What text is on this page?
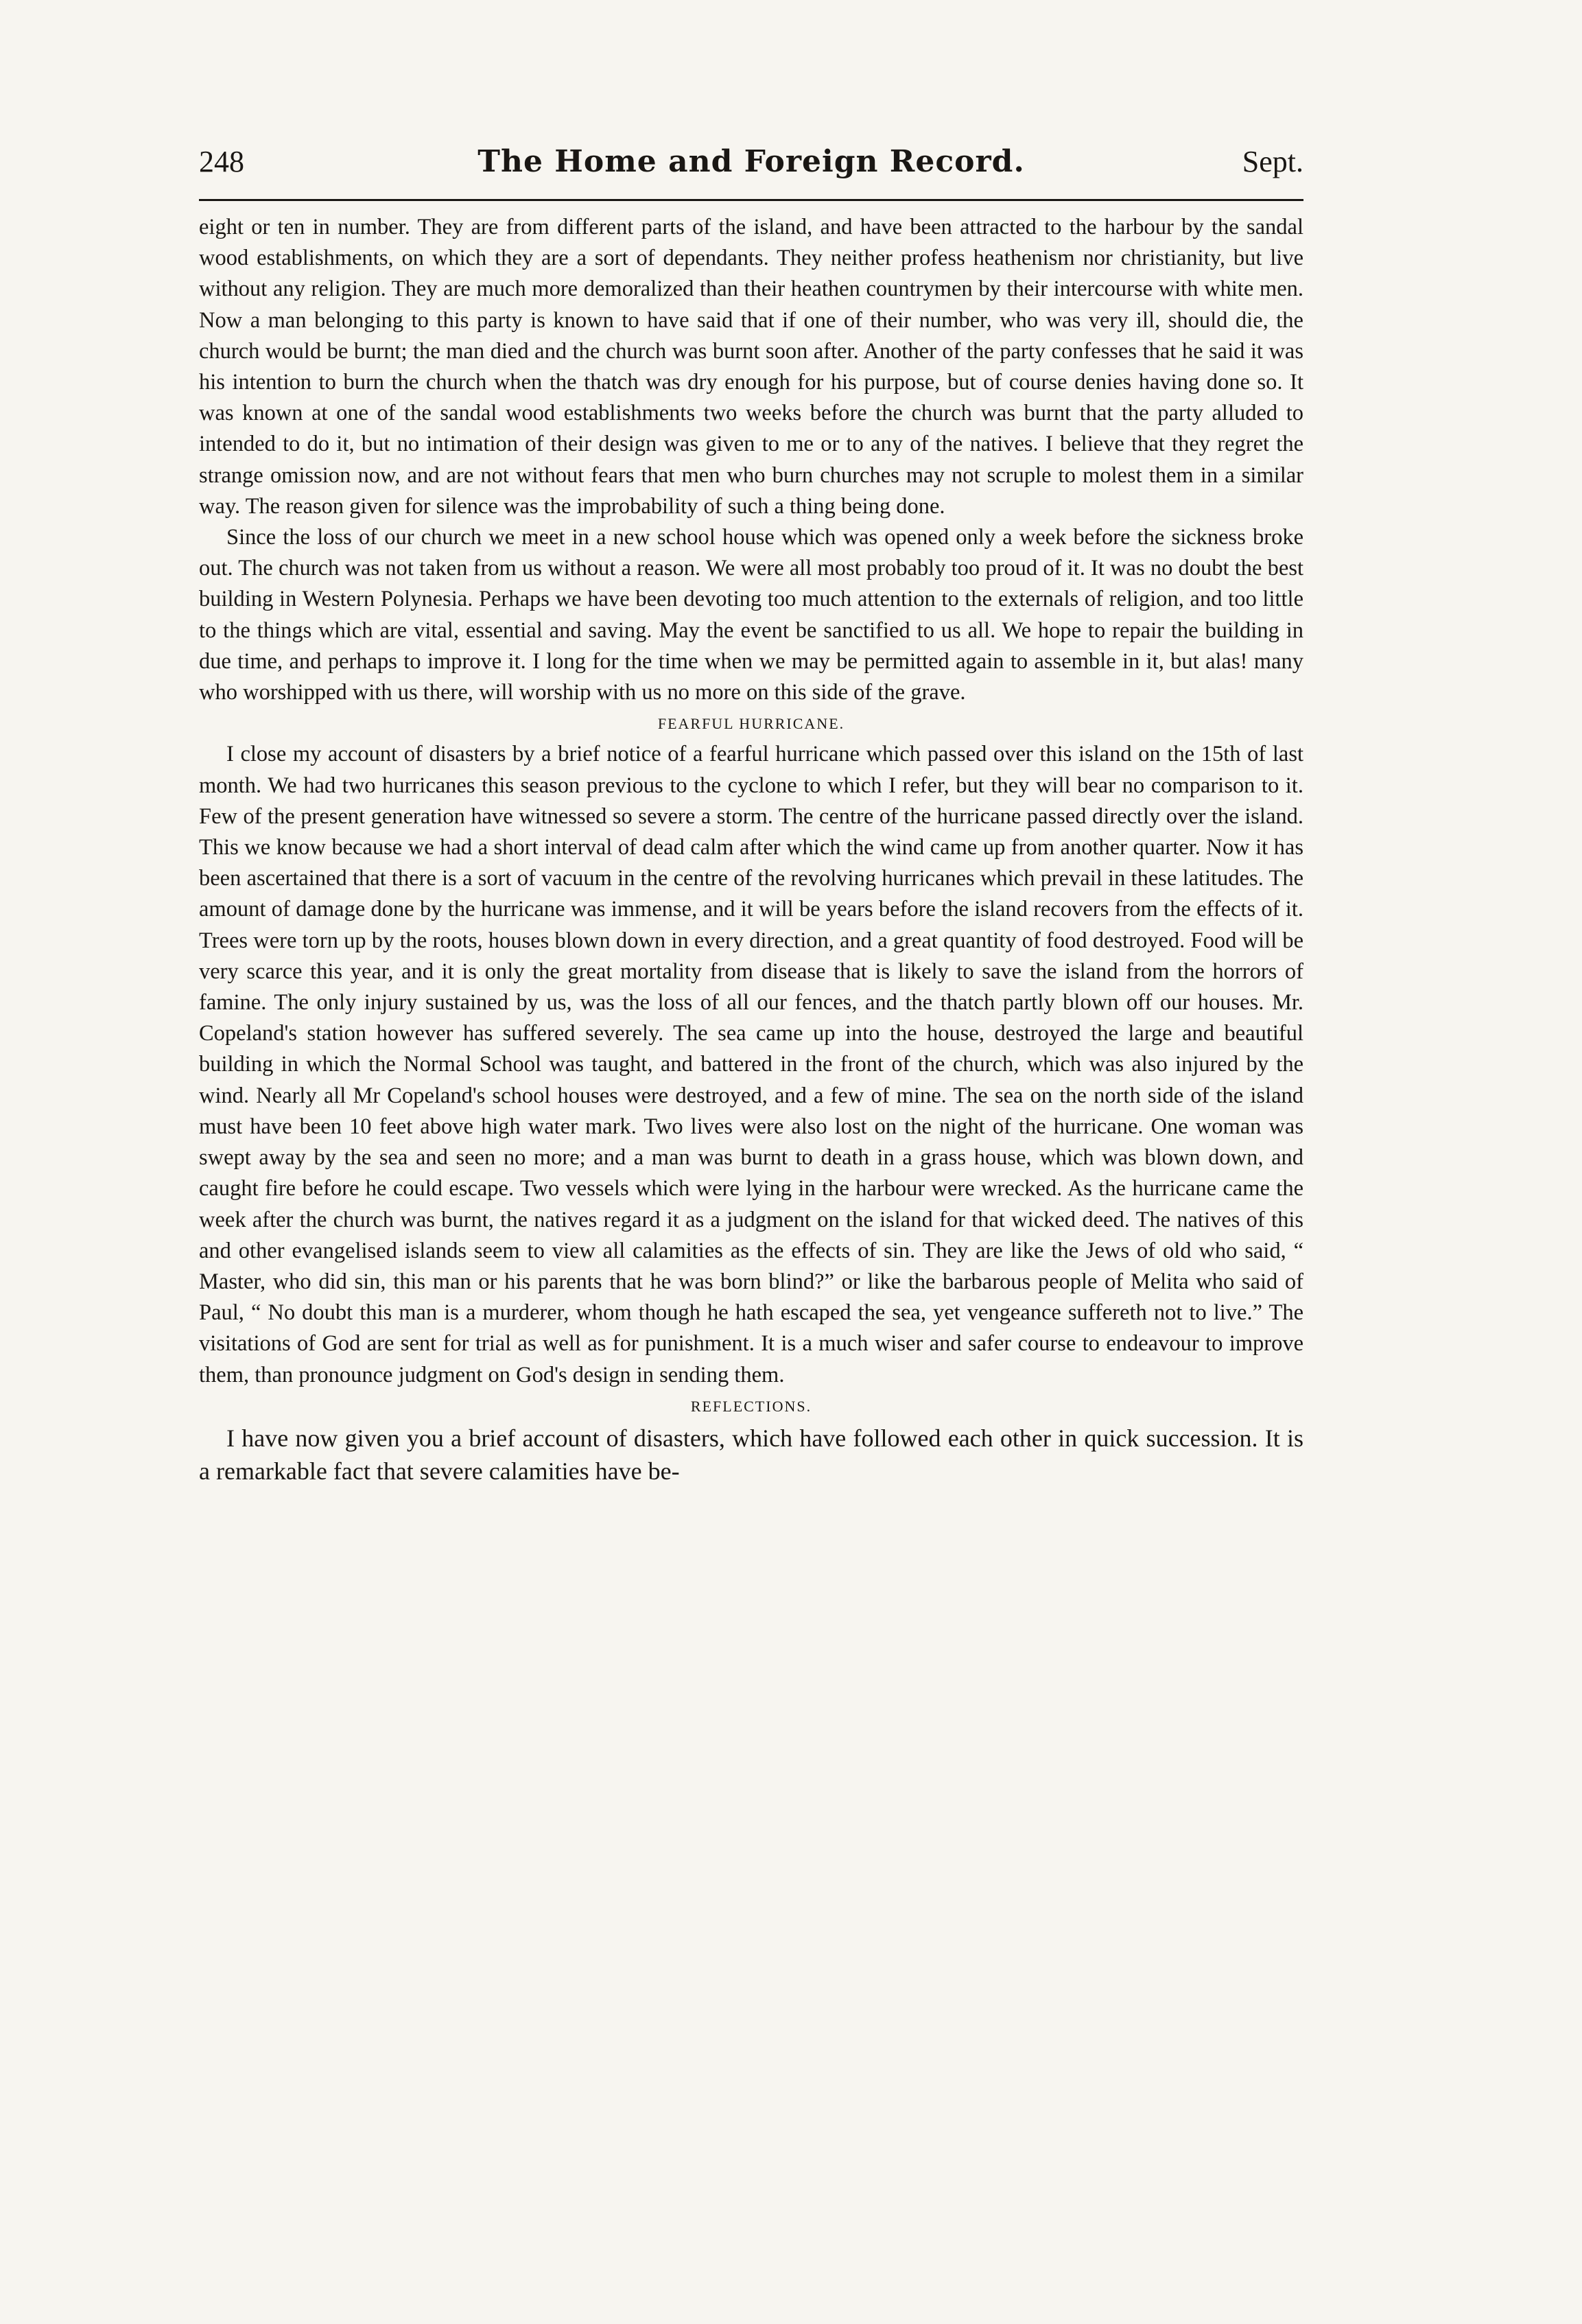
248	The Home and Foreign Record.	Sept.

eight or ten in number. They are from different parts of the island, and have been attracted to the harbour by the sandal wood establishments, on which they are a sort of dependants. They neither profess heathenism nor christianity, but live without any religion. They are much more demoralized than their heathen countrymen by their intercourse with white men. Now a man belonging to this party is known to have said that if one of their number, who was very ill, should die, the church would be burnt; the man died and the church was burnt soon after. Another of the party confesses that he said it was his intention to burn the church when the thatch was dry enough for his purpose, but of course denies having done so. It was known at one of the sandal wood establishments two weeks before the church was burnt that the party alluded to intended to do it, but no intimation of their design was given to me or to any of the natives. I believe that they regret the strange omission now, and are not without fears that men who burn churches may not scruple to molest them in a similar way. The reason given for silence was the improbability of such a thing being done.

Since the loss of our church we meet in a new school house which was opened only a week before the sickness broke out. The church was not taken from us without a reason. We were all most probably too proud of it. It was no doubt the best building in Western Polynesia. Perhaps we have been devoting too much attention to the externals of religion, and too little to the things which are vital, essential and saving. May the event be sanctified to us all. We hope to repair the building in due time, and perhaps to improve it. I long for the time when we may be permitted again to assemble in it, but alas! many who worshipped with us there, will worship with us no more on this side of the grave.

FEARFUL HURRICANE.

I close my account of disasters by a brief notice of a fearful hurricane which passed over this island on the 15th of last month. We had two hurricanes this season previous to the cyclone to which I refer, but they will bear no comparison to it. Few of the present generation have witnessed so severe a storm. The centre of the hurricane passed directly over the island. This we know because we had a short interval of dead calm after which the wind came up from another quarter. Now it has been ascertained that there is a sort of vacuum in the centre of the revolving hurricanes which prevail in these latitudes. The amount of damage done by the hurricane was immense, and it will be years before the island recovers from the effects of it. Trees were torn up by the roots, houses blown down in every direction, and a great quantity of food destroyed. Food will be very scarce this year, and it is only the great mortality from disease that is likely to save the island from the horrors of famine. The only injury sustained by us, was the loss of all our fences, and the thatch partly blown off our houses. Mr. Copeland's station however has suffered severely. The sea came up into the house, destroyed the large and beautiful building in which the Normal School was taught, and battered in the front of the church, which was also injured by the wind. Nearly all Mr Copeland's school houses were destroyed, and a few of mine. The sea on the north side of the island must have been 10 feet above high water mark. Two lives were also lost on the night of the hurricane. One woman was swept away by the sea and seen no more; and a man was burnt to death in a grass house, which was blown down, and caught fire before he could escape. Two vessels which were lying in the harbour were wrecked. As the hurricane came the week after the church was burnt, the natives regard it as a judgment on the island for that wicked deed. The natives of this and other evangelised islands seem to view all calamities as the effects of sin. They are like the Jews of old who said, “ Master, who did sin, this man or his parents that he was born blind?” or like the barbarous people of Melita who said of Paul, “ No doubt this man is a murderer, whom though he hath escaped the sea, yet vengeance suffereth not to live.” The visitations of God are sent for trial as well as for punishment. It is a much wiser and safer course to endeavour to improve them, than pronounce judgment on God's design in sending them.

REFLECTIONS.

I have now given you a brief account of disasters, which have followed each other in quick succession. It is a remarkable fact that severe calamities have be-
